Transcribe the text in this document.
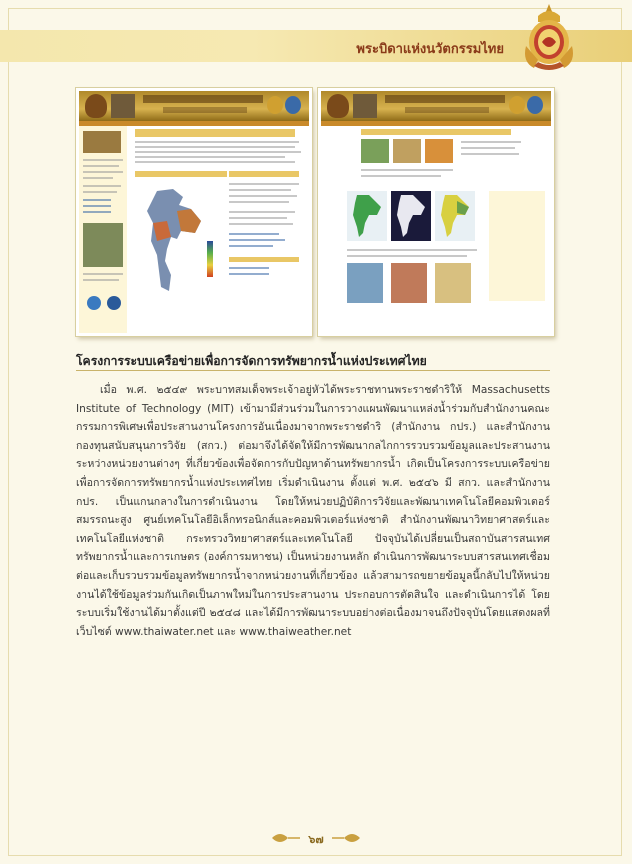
พระบิดาแห่งนวัตกรรมไทย
โครงการระบบเครือข่ายเพื่อการจัดการทรัพยากรน้ำแห่งประเทศไทย

เมื่อ พ.ศ. ๒๕๔๙ พระบาทสมเด็จพระเจ้าอยู่หัวได้พระราชทานพระราชดำริให้ Massachusetts Institute of Technology (MIT) เข้ามามีส่วนร่วมในการวางแผนพัฒนาแหล่งน้ำร่วมกับสำนักงานคณะกรรมการพิเศษเพื่อประสานงานโครงการอันเนื่องมาจากพระราชดำริ (สำนักงาน กปร.) และสำนักงานกองทุนสนับสนุนการวิจัย (สกว.) ต่อมาจึงได้จัดให้มีการพัฒนากลไกการรวบรวมข้อมูลและประสานงานระหว่างหน่วยงานต่างๆ ที่เกี่ยวข้องเพื่อจัดการกับปัญหาด้านทรัพยากรน้ำ เกิดเป็นโครงการระบบเครือข่ายเพื่อการจัดการทรัพยากรน้ำแห่งประเทศไทย เริ่มดำเนินงาน ตั้งแต่ พ.ศ. ๒๕๔๖ มี สกว. และสำนักงาน กปร. เป็นแกนกลางในการดำเนินงาน โดยให้หน่วยปฏิบัติการวิจัยและพัฒนาเทคโนโลยีคอมพิวเตอร์สมรรถนะสูง ศูนย์เทคโนโลยีอิเล็กทรอนิกส์และคอมพิวเตอร์แห่งชาติ สำนักงานพัฒนาวิทยาศาสตร์และเทคโนโลยีแห่งชาติ กระทรวงวิทยาศาสตร์และเทคโนโลยี ปัจจุบันได้เปลี่ยนเป็นสถาบันสารสนเทศทรัพยากรน้ำและการเกษตร (องค์การมหาชน) เป็นหน่วยงานหลัก ดำเนินการพัฒนาระบบสารสนเทศเชื่อมต่อและเก็บรวบรวมข้อมูลทรัพยากรน้ำจากหน่วยงานที่เกี่ยวข้อง แล้วสามารถขยายข้อมูลนี้กลับไปให้หน่วยงานได้ใช้ข้อมูลร่วมกันเกิดเป็นภาพใหม่ในการประสานงาน ประกอบการตัดสินใจ และดำเนินการได้ โดยระบบเริ่มใช้งานได้มาตั้งแต่ปี ๒๕๔๘ และได้มีการพัฒนาระบบอย่างต่อเนื่องมาจนถึงปัจจุบันโดยแสดงผลที่เว็บไซต์ www.thaiwater.net และ www.thaiweather.net

๖๗
